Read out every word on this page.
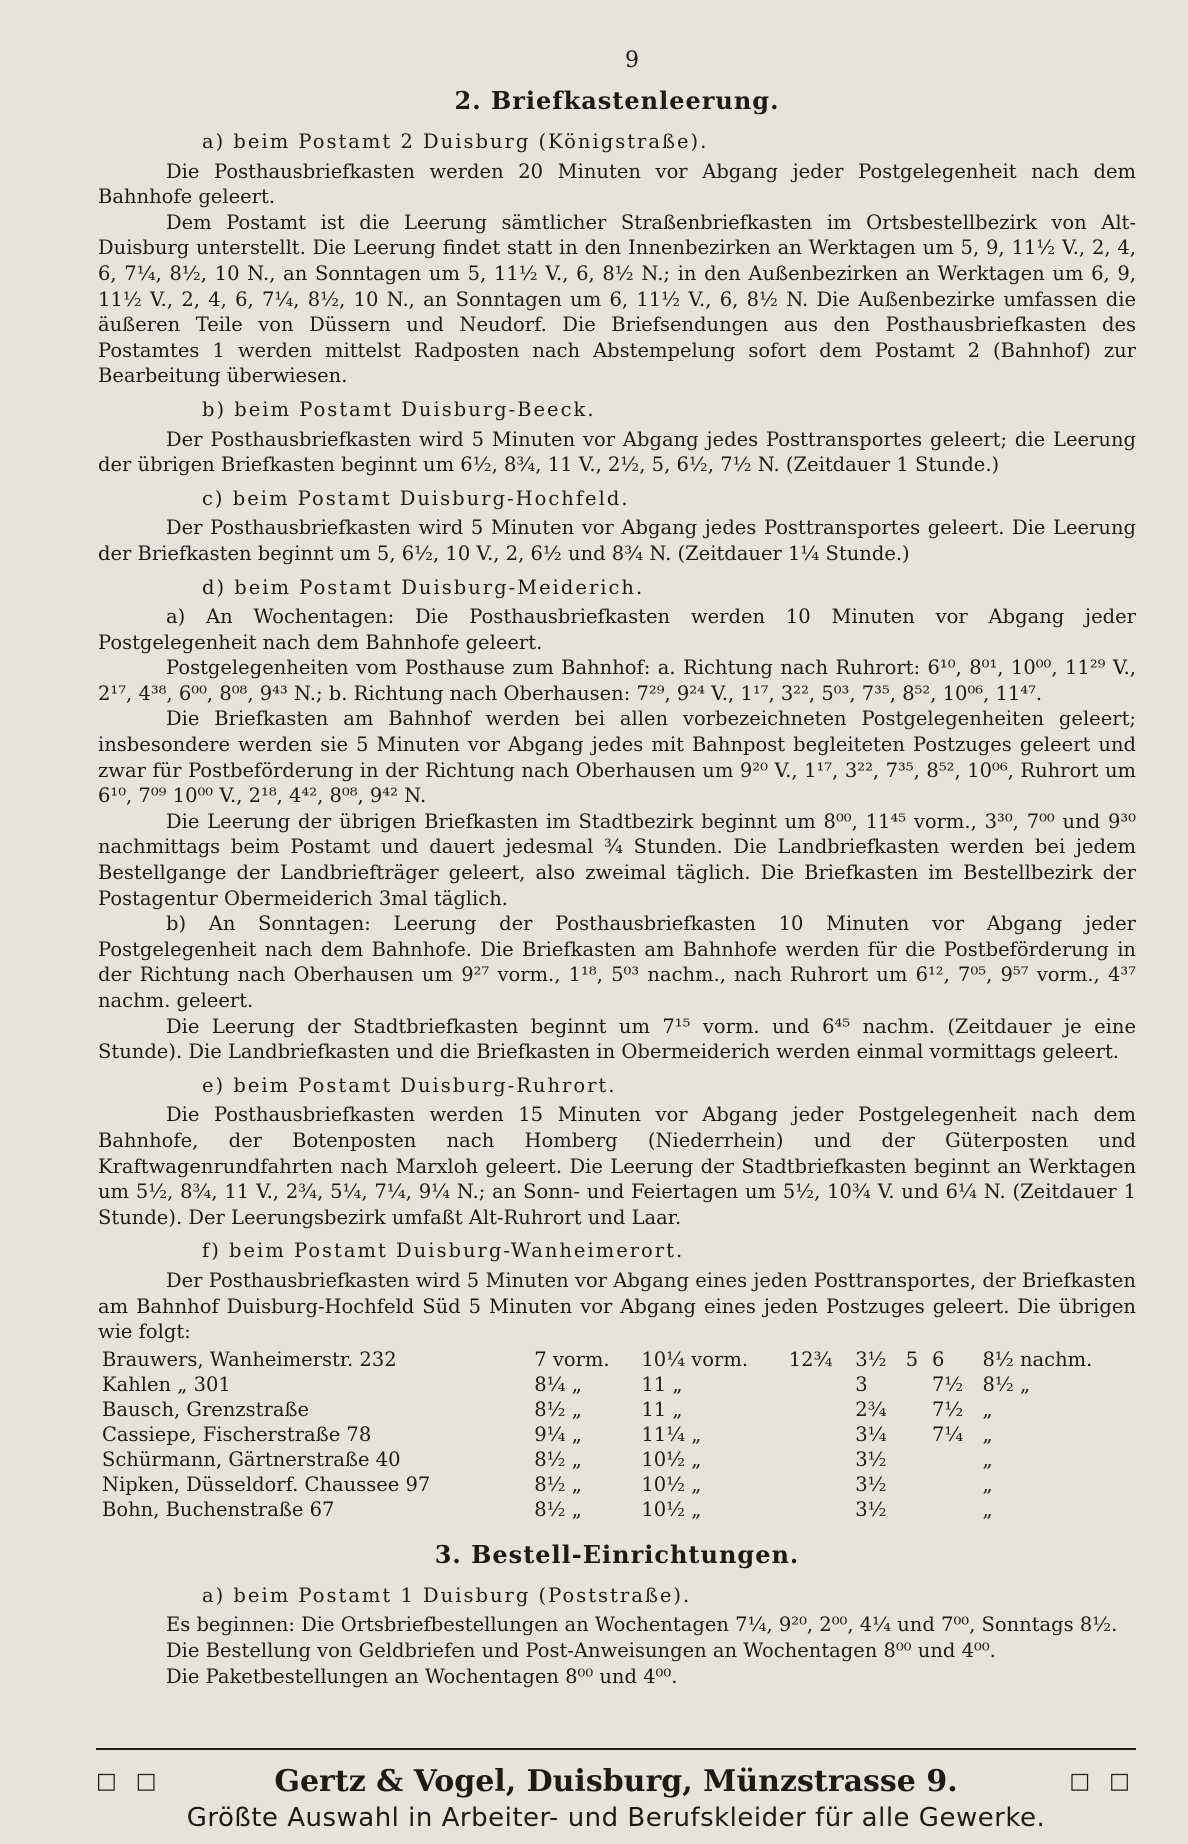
9
2. Briefkastenleerung.

a) beim Postamt 2 Duisburg (Königstraße).

Die Posthausbriefkasten werden 20 Minuten vor Abgang jeder Postgelegenheit nach dem Bahnhofe geleert.

Dem Postamt ist die Leerung sämtlicher Straßenbriefkasten im Ortsbestellbezirk von Alt-Duisburg unterstellt. Die Leerung findet statt in den Innenbezirken an Werktagen um 5, 9, 11½ V., 2, 4, 6, 7¼, 8½, 10 N., an Sonntagen um 5, 11½ V., 6, 8½ N.; in den Außenbezirken an Werktagen um 6, 9, 11½ V., 2, 4, 6, 7¼, 8½, 10 N., an Sonntagen um 6, 11½ V., 6, 8½ N. Die Außenbezirke umfassen die äußeren Teile von Düssern und Neudorf. Die Briefsendungen aus den Posthausbriefkasten des Postamtes 1 werden mittelst Radposten nach Abstempelung sofort dem Postamt 2 (Bahnhof) zur Bearbeitung überwiesen.

b) beim Postamt Duisburg-Beeck.

Der Posthausbriefkasten wird 5 Minuten vor Abgang jedes Posttransportes geleert; die Leerung der übrigen Briefkasten beginnt um 6½, 8¾, 11 V., 2½, 5, 6½, 7½ N. (Zeitdauer 1 Stunde.)

c) beim Postamt Duisburg-Hochfeld.

Der Posthausbriefkasten wird 5 Minuten vor Abgang jedes Posttransportes geleert. Die Leerung der Briefkasten beginnt um 5, 6½, 10 V., 2, 6½ und 8¾ N. (Zeitdauer 1¼ Stunde.)

d) beim Postamt Duisburg-Meiderich.

a) An Wochentagen: Die Posthausbriefkasten werden 10 Minuten vor Abgang jeder Postgelegenheit nach dem Bahnhofe geleert.

Postgelegenheiten vom Posthause zum Bahnhof: a. Richtung nach Ruhrort: 6¹⁰, 8⁰¹, 10⁰⁰, 11²⁹ V., 2¹⁷, 4³⁸, 6⁰⁰, 8⁰⁸, 9⁴³ N.; b. Richtung nach Oberhausen: 7²⁹, 9²⁴ V., 1¹⁷, 3²², 5⁰³, 7³⁵, 8⁵², 10⁰⁶, 11⁴⁷.

Die Briefkasten am Bahnhof werden bei allen vorbezeichneten Postgelegenheiten geleert; insbesondere werden sie 5 Minuten vor Abgang jedes mit Bahnpost begleiteten Postzuges geleert und zwar für Postbeförderung in der Richtung nach Oberhausen um 9²⁰ V., 1¹⁷, 3²², 7³⁵, 8⁵², 10⁰⁶, Ruhrort um 6¹⁰, 7⁰⁹ 10⁰⁰ V., 2¹⁸, 4⁴², 8⁰⁸, 9⁴² N.

Die Leerung der übrigen Briefkasten im Stadtbezirk beginnt um 8⁰⁰, 11⁴⁵ vorm., 3³⁰, 7⁰⁰ und 9³⁰ nachmittags beim Postamt und dauert jedesmal ¾ Stunden. Die Landbriefkasten werden bei jedem Bestellgange der Landbriefträger geleert, also zweimal täglich. Die Briefkasten im Bestellbezirk der Postagentur Obermeiderich 3mal täglich.

b) An Sonntagen: Leerung der Posthausbriefkasten 10 Minuten vor Abgang jeder Postgelegenheit nach dem Bahnhofe. Die Briefkasten am Bahnhofe werden für die Postbeförderung in der Richtung nach Oberhausen um 9²⁷ vorm., 1¹⁸, 5⁰³ nachm., nach Ruhrort um 6¹², 7⁰⁵, 9⁵⁷ vorm., 4³⁷ nachm. geleert.

Die Leerung der Stadtbriefkasten beginnt um 7¹⁵ vorm. und 6⁴⁵ nachm. (Zeitdauer je eine Stunde). Die Landbriefkasten und die Briefkasten in Obermeiderich werden einmal vormittags geleert.

e) beim Postamt Duisburg-Ruhrort.

Die Posthausbriefkasten werden 15 Minuten vor Abgang jeder Postgelegenheit nach dem Bahnhofe, der Botenposten nach Homberg (Niederrhein) und der Güterposten und Kraftwagenrundfahrten nach Marxloh geleert. Die Leerung der Stadtbriefkasten beginnt an Werktagen um 5½, 8¾, 11 V., 2¾, 5¼, 7¼, 9¼ N.; an Sonn- und Feiertagen um 5½, 10¾ V. und 6¼ N. (Zeitdauer 1 Stunde). Der Leerungsbezirk umfaßt Alt-Ruhrort und Laar.

f) beim Postamt Duisburg-Wanheimerort.

Der Posthausbriefkasten wird 5 Minuten vor Abgang eines jeden Posttransportes, der Briefkasten am Bahnhof Duisburg-Hochfeld Süd 5 Minuten vor Abgang eines jeden Postzuges geleert. Die übrigen wie folgt:

Brauwers, Wanheimerstr. 232	7 vorm.	10¼ vorm.	12¾	3½	5	6	8½ nachm.
Kahlen „ 301	8¼ „	11 „		3		7½	8½ „
Bausch, Grenzstraße	8½ „	11 „		2¾		7½	„
Cassiepe, Fischerstraße 78	9¼ „	11¼ „		3¼		7¼	„
Schürmann, Gärtnerstraße 40	8½ „	10½ „		3½			„
Nipken, Düsseldorf. Chaussee 97	8½ „	10½ „		3½			„
Bohn, Buchenstraße 67	8½ „	10½ „		3½			„
3. Bestell-Einrichtungen.

a) beim Postamt 1 Duisburg (Poststraße).

Es beginnen: Die Ortsbriefbestellungen an Wochentagen 7¼, 9²⁰, 2⁰⁰, 4¼ und 7⁰⁰, Sonntags 8½.

Die Bestellung von Geldbriefen und Post-Anweisungen an Wochentagen 8⁰⁰ und 4⁰⁰.

Die Paketbestellungen an Wochentagen 8⁰⁰ und 4⁰⁰.

□ □	Gertz & Vogel, Duisburg, Münzstrasse 9.	□ □
Größte Auswahl in Arbeiter- und Berufskleider für alle Gewerke.
